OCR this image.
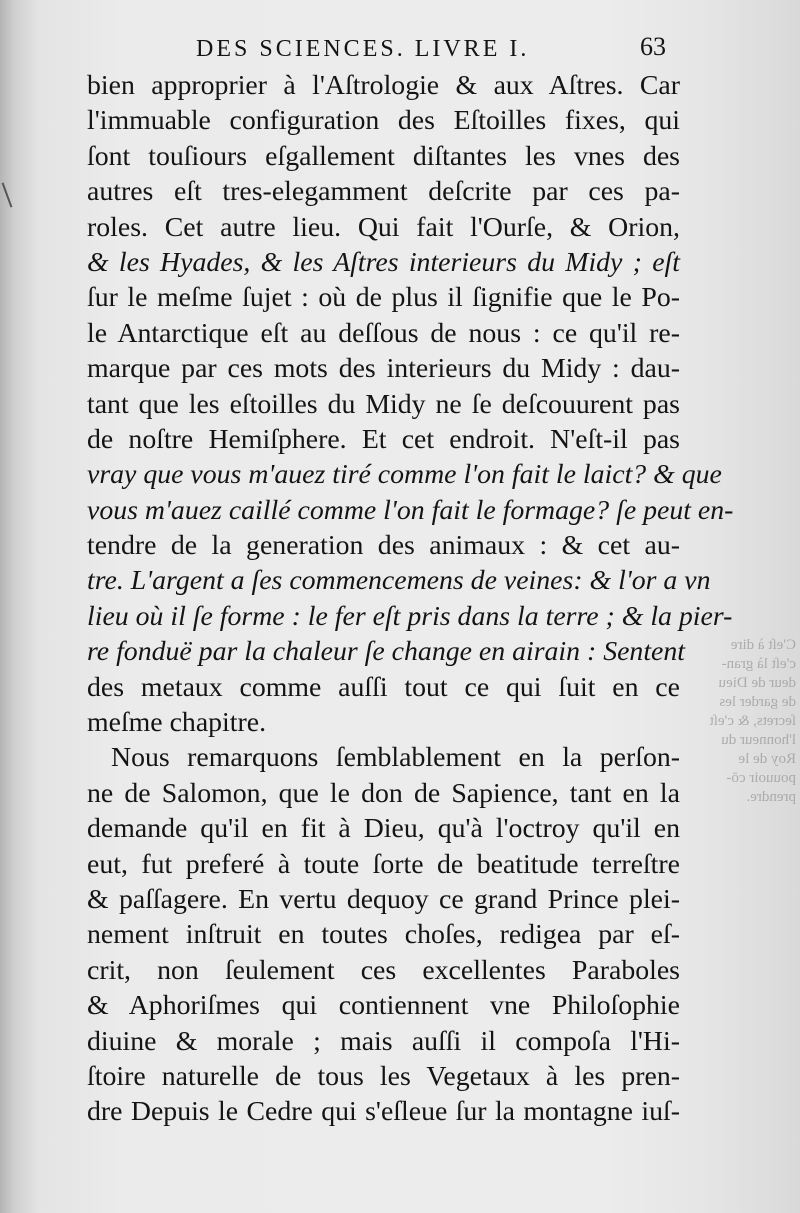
DES SCIENCES. LIVRE I.	63
bien approprier à l'Aſtrologie & aux Aſtres. Car
l'immuable configuration des Eſtoilles fixes, qui
ſont touſiours eſgallement diſtantes les vnes des
autres eſt tres-elegamment deſcrite par ces pa-
roles. Cet autre lieu. Qui fait l'Ourſe, & Orion,
& les Hyades, & les Aſtres interieurs du Midy ; eſt
ſur le meſme ſujet : où de plus il ſignifie que le Po-
le Antarctique eſt au deſſous de nous : ce qu'il re-
marque par ces mots des interieurs du Midy : dau-
tant que les eſtoilles du Midy ne ſe deſcouurent pas
de noſtre Hemiſphere. Et cet endroit. N'eſt-il pas
vray que vous m'auez tiré comme l'on fait le laict? & que
vous m'auez caillé comme l'on fait le formage? ſe peut en-
tendre de la generation des animaux : & cet au-
tre. L'argent a ſes commencemens de veines: & l'or a vn
lieu où il ſe forme : le fer eſt pris dans la terre ; & la pier-
re fonduë par la chaleur ſe change en airain : Sentent
des metaux comme auſſi tout ce qui ſuit en ce
meſme chapitre.
Nous remarquons ſemblablement en la perſon-
ne de Salomon, que le don de Sapience, tant en la
demande qu'il en fit à Dieu, qu'à l'octroy qu'il en
eut, fut preferé à toute ſorte de beatitude terreſtre
& paſſagere. En vertu dequoy ce grand Prince plei-
nement inſtruit en toutes choſes, redigea par eſ-
crit, non ſeulement ces excellentes Paraboles
& Aphoriſmes qui contiennent vne Philoſophie
diuine & morale ; mais auſſi il compoſa l'Hi-
ſtoire naturelle de tous les Vegetaux à les pren-
dre Depuis le Cedre qui s'eſleue ſur la montagne iuſ-
C'eſt à dire
c'eſt là gran-
deur de Dieu
de garder les
ſecrets, & c'eſt
l'honneur du
Roy de le
pouuoir cō-
prendre.
